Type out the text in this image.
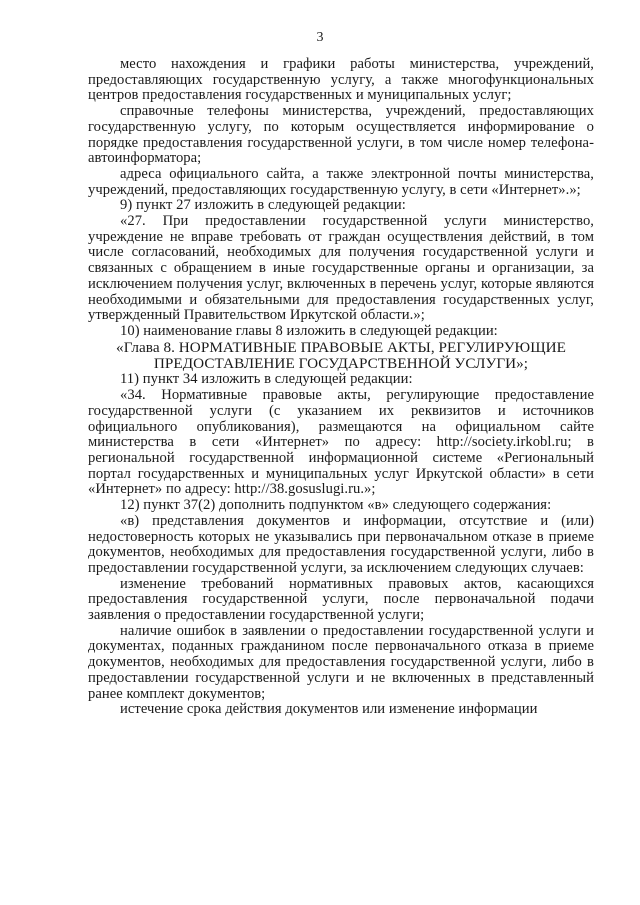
3

место нахождения и графики работы министерства, учреждений, предоставляющих государственную услугу, а также многофункциональных центров предоставления государственных и муниципальных услуг;

справочные телефоны министерства, учреждений, предоставляющих государственную услугу, по которым осуществляется информирование о порядке предоставления государственной услуги, в том числе номер телефона-автоинформатора;

адреса официального сайта, а также электронной почты министерства, учреждений, предоставляющих государственную услугу, в сети «Интернет».»;

9) пункт 27 изложить в следующей редакции:

«27. При предоставлении государственной услуги министерство, учреждение не вправе требовать от граждан осуществления действий, в том числе согласований, необходимых для получения государственной услуги и связанных с обращением в иные государственные органы и организации, за исключением получения услуг, включенных в перечень услуг, которые являются необходимыми и обязательными для предоставления государственных услуг, утвержденный Правительством Иркутской области.»;

10) наименование главы 8 изложить в следующей редакции:

«Глава 8. НОРМАТИВНЫЕ ПРАВОВЫЕ АКТЫ, РЕГУЛИРУЮЩИЕ ПРЕДОСТАВЛЕНИЕ ГОСУДАРСТВЕННОЙ УСЛУГИ»;

11) пункт 34 изложить в следующей редакции:

«34. Нормативные правовые акты, регулирующие предоставление государственной услуги (с указанием их реквизитов и источников официального опубликования), размещаются на официальном сайте министерства в сети «Интернет» по адресу: http://society.irkobl.ru; в региональной государственной информационной системе «Региональный портал государственных и муниципальных услуг Иркутской области» в сети «Интернет» по адресу: http://38.gosuslugi.ru.»;

12) пункт 37(2) дополнить подпунктом «в» следующего содержания:

«в) представления документов и информации, отсутствие и (или) недостоверность которых не указывались при первоначальном отказе в приеме документов, необходимых для предоставления государственной услуги, либо в предоставлении государственной услуги, за исключением следующих случаев:

изменение требований нормативных правовых актов, касающихся предоставления государственной услуги, после первоначальной подачи заявления о предоставлении государственной услуги;

наличие ошибок в заявлении о предоставлении государственной услуги и документах, поданных гражданином после первоначального отказа в приеме документов, необходимых для предоставления государственной услуги, либо в предоставлении государственной услуги и не включенных в представленный ранее комплект документов;

истечение срока действия документов или изменение информации
